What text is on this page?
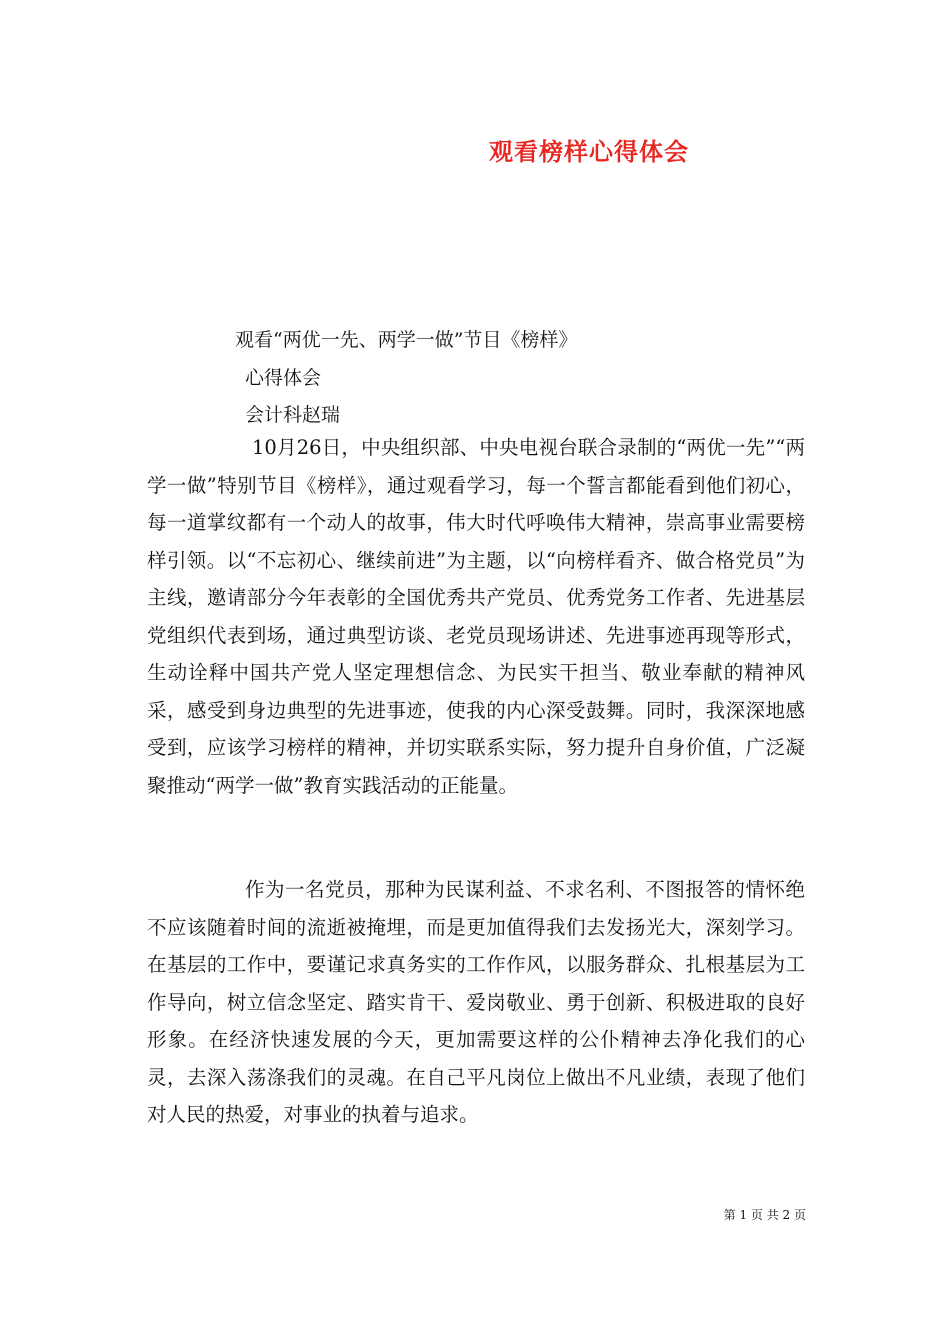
观看榜样心得体会

观看“两优一先、两学一做”节目《榜样》

心得体会

会计科赵瑞

10月26日，中央组织部、中央电视台联合录制的“两优一先”“两学一做”特别节目《榜样》，通过观看学习，每一个誓言都能看到他们初心，每一道掌纹都有一个动人的故事，伟大时代呼唤伟大精神，崇高事业需要榜样引领。以“不忘初心、继续前进”为主题，以“向榜样看齐、做合格党员”为主线，邀请部分今年表彰的全国优秀共产党员、优秀党务工作者、先进基层党组织代表到场，通过典型访谈、老党员现场讲述、先进事迹再现等形式，生动诠释中国共产党人坚定理想信念、为民实干担当、敬业奉献的精神风采，感受到身边典型的先进事迹，使我的内心深受鼓舞。同时，我深深地感受到，应该学习榜样的精神，并切实联系实际，努力提升自身价值，广泛凝聚推动“两学一做”教育实践活动的正能量。

作为一名党员，那种为民谋利益、不求名利、不图报答的情怀绝不应该随着时间的流逝被掩埋，而是更加值得我们去发扬光大，深刻学习。在基层的工作中，要谨记求真务实的工作作风，以服务群众、扎根基层为工作导向，树立信念坚定、踏实肯干、爱岗敬业、勇于创新、积极进取的良好形象。在经济快速发展的今天，更加需要这样的公仆精神去净化我们的心灵，去深入荡涤我们的灵魂。在自己平凡岗位上做出不凡业绩，表现了他们对人民的热爱，对事业的执着与追求。

第 1 页 共 2 页
